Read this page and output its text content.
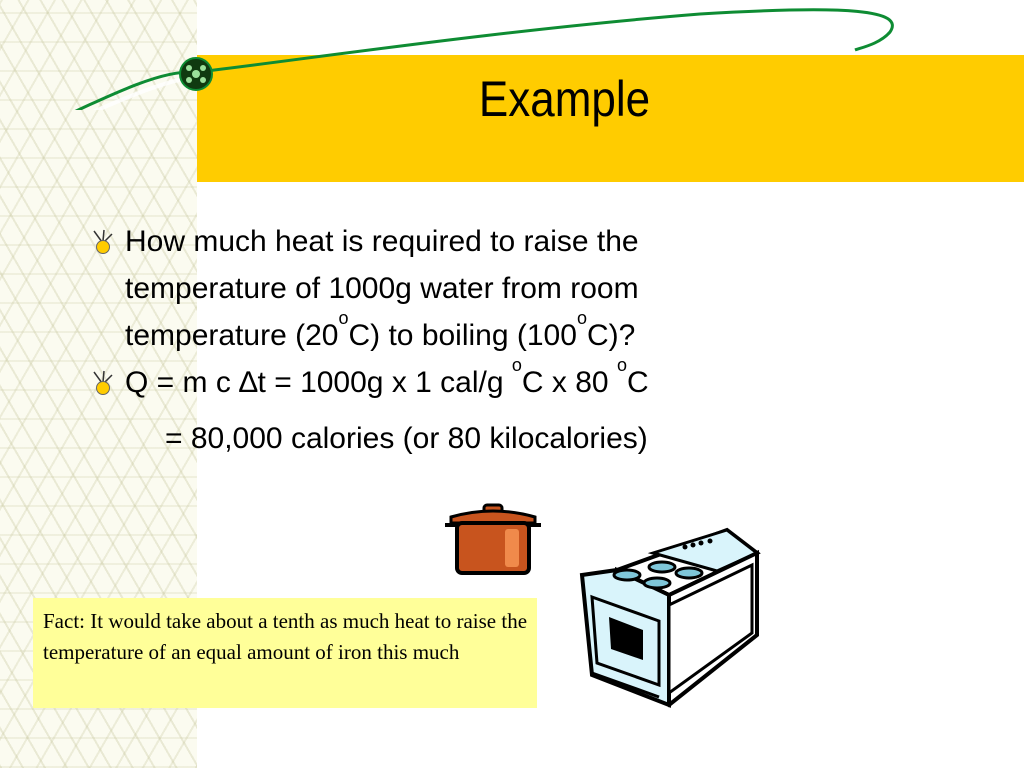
Example
How much heat is required to raise the
temperature of 1000g water from room
temperature (20$^o$C) to boiling (100$^o$C)?
Q = m c ∆t = 1000g x 1 cal/g $^o$C x 80 $^o$C
= 80,000 calories (or 80 kilocalories)
Fact: It would take about a tenth as much heat to raise the temperature of an equal amount of iron this much
